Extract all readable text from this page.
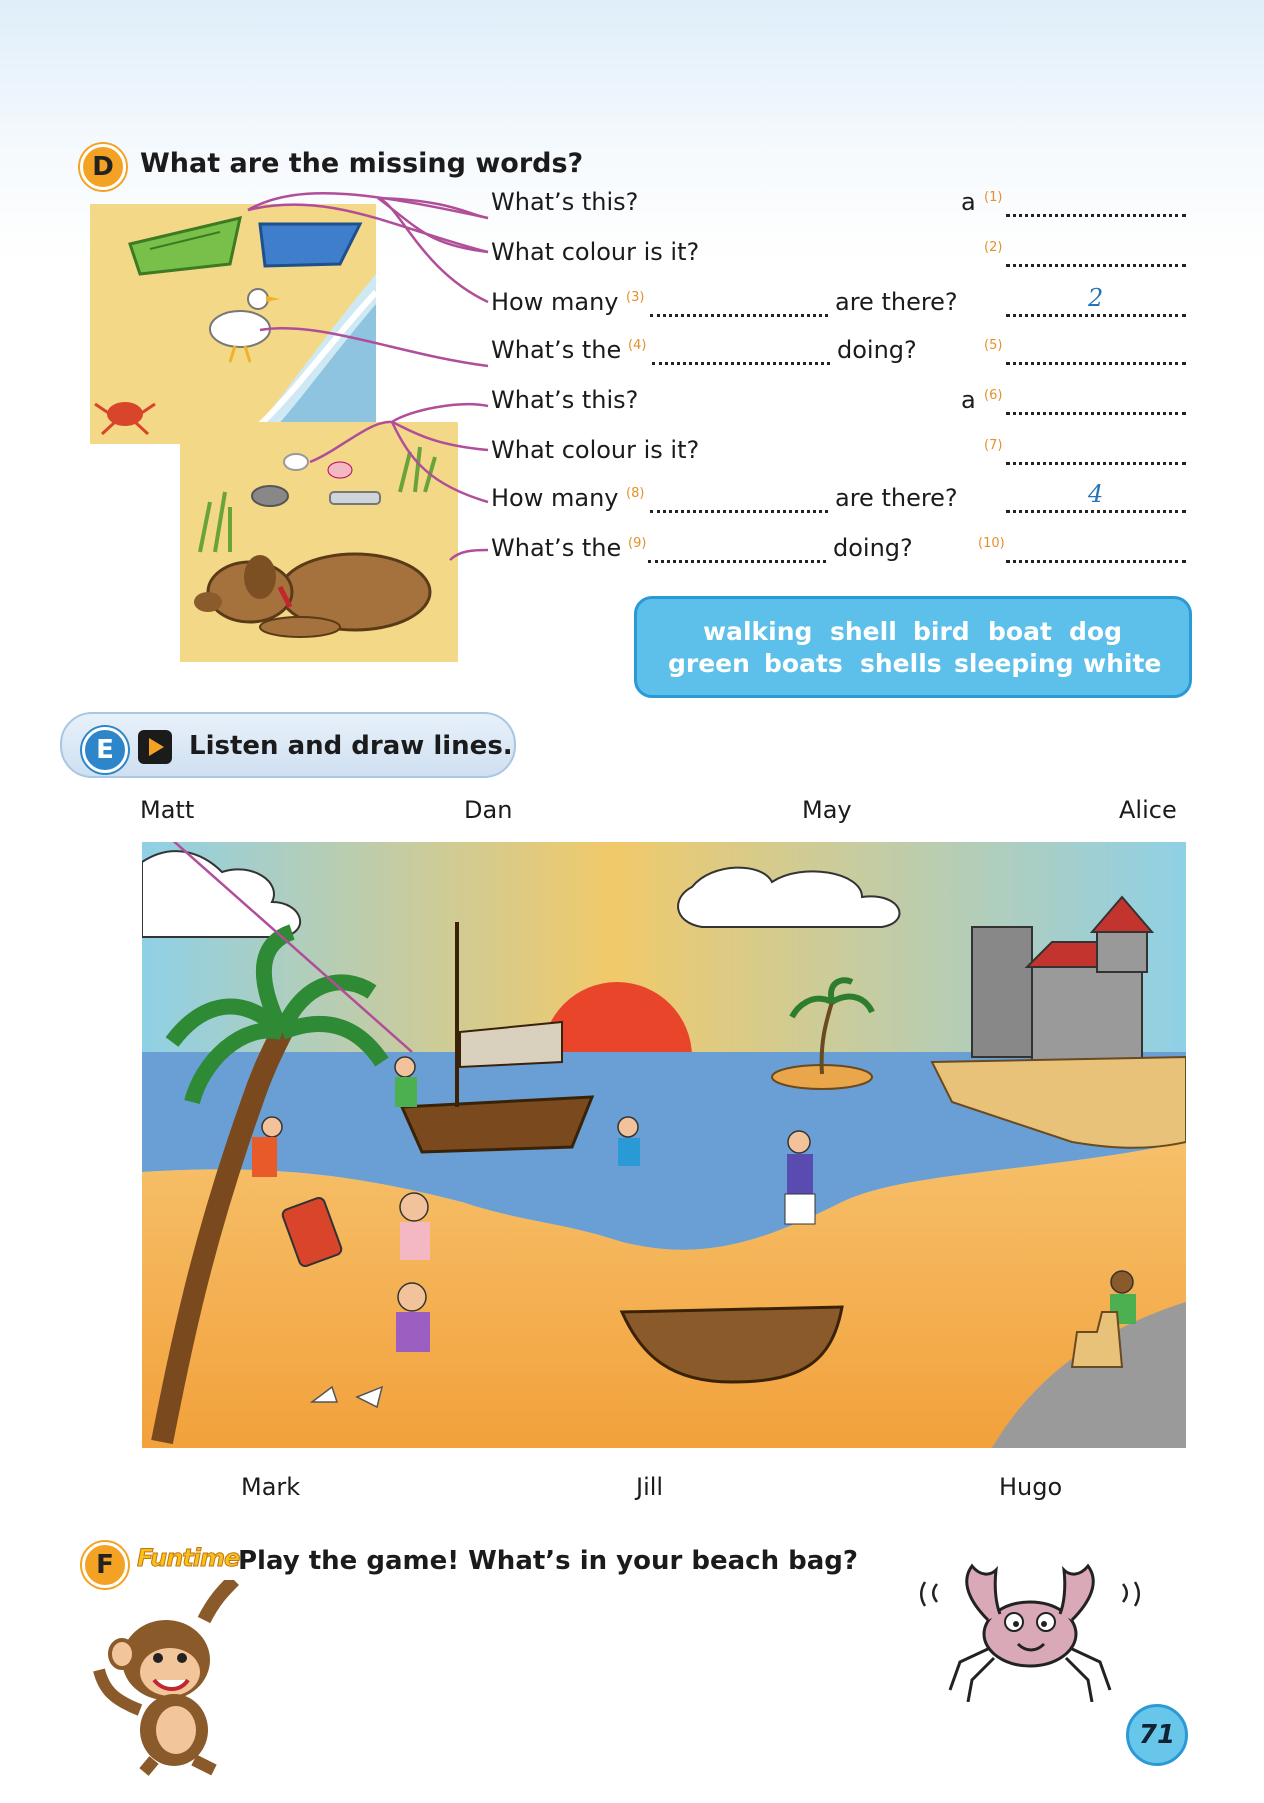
D What are the missing words?
What’s this?	a (1)
What colour is it?	(2)
How many (3)	are there?	2
What’s the (4)	doing?	(5)
What’s this?	a (6)
What colour is it?	(7)
How many (8)	are there?	4
What’s the (9)	doing?	(10)
walking shell bird boat dog
green boats shells sleeping white
E	Listen and draw lines.
Matt	Dan	May	Alice
Mark	Jill	Hugo
F Funtime
Play the game! What’s in your beach bag?
71
